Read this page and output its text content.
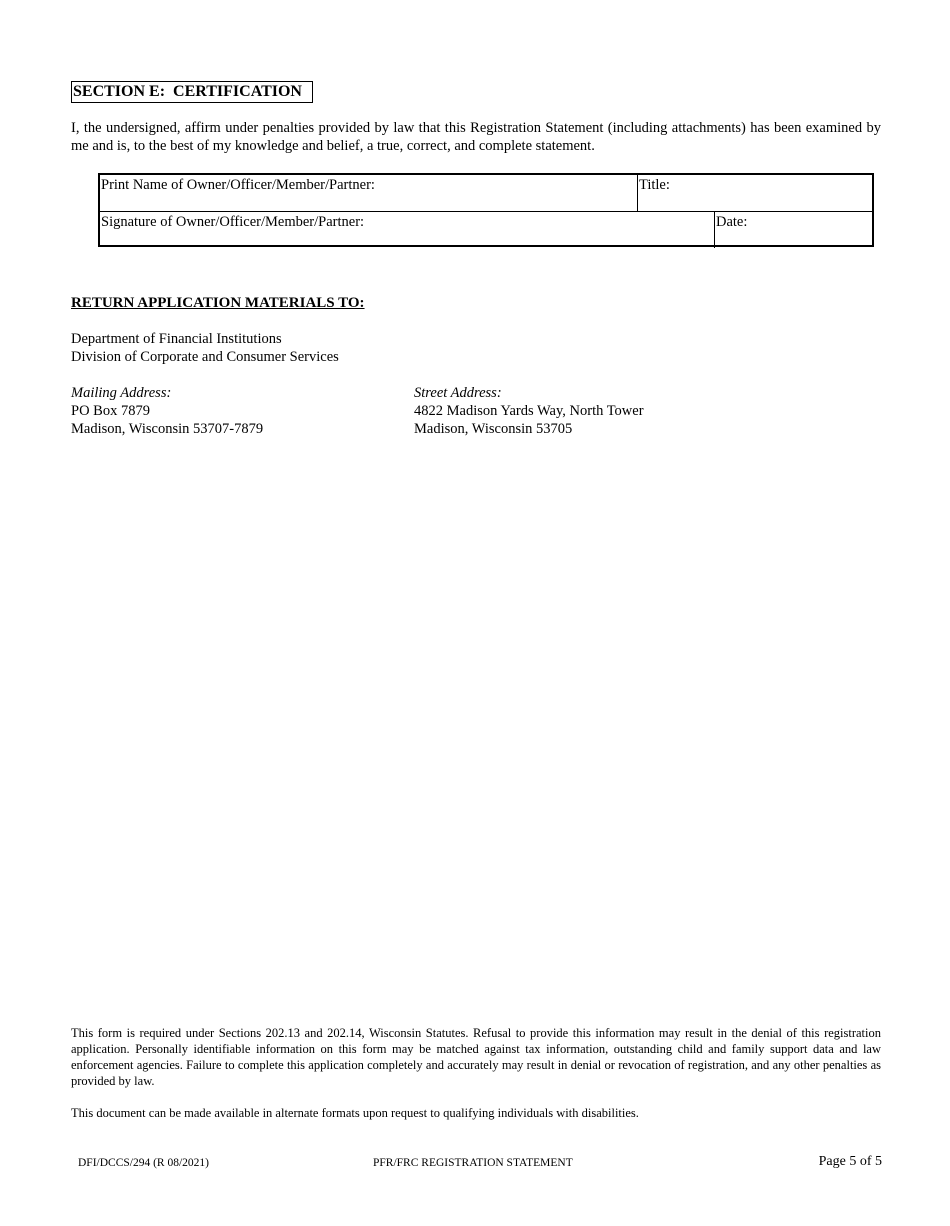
SECTION E:  CERTIFICATION
I, the undersigned, affirm under penalties provided by law that this Registration Statement (including attachments) has been examined by me and is, to the best of my knowledge and belief, a true, correct, and complete statement.
Print Name of Owner/Officer/Member/Partner:	Title:
Signature of Owner/Officer/Member/Partner:	Date:
RETURN APPLICATION MATERIALS TO:
Department of Financial Institutions
Division of Corporate and Consumer Services
Mailing Address:
PO Box 7879
Madison, Wisconsin 53707-7879
Street Address:
4822 Madison Yards Way, North Tower
Madison, Wisconsin 53705
This form is required under Sections 202.13 and 202.14, Wisconsin Statutes. Refusal to provide this information may result in the denial of this registration application. Personally identifiable information on this form may be matched against tax information, outstanding child and family support data and law enforcement agencies. Failure to complete this application completely and accurately may result in denial or revocation of registration, and any other penalties as provided by law.
This document can be made available in alternate formats upon request to qualifying individuals with disabilities.
DFI/DCCS/294 (R 08/2021)	PFR/FRC REGISTRATION STATEMENT	Page 5 of 5
